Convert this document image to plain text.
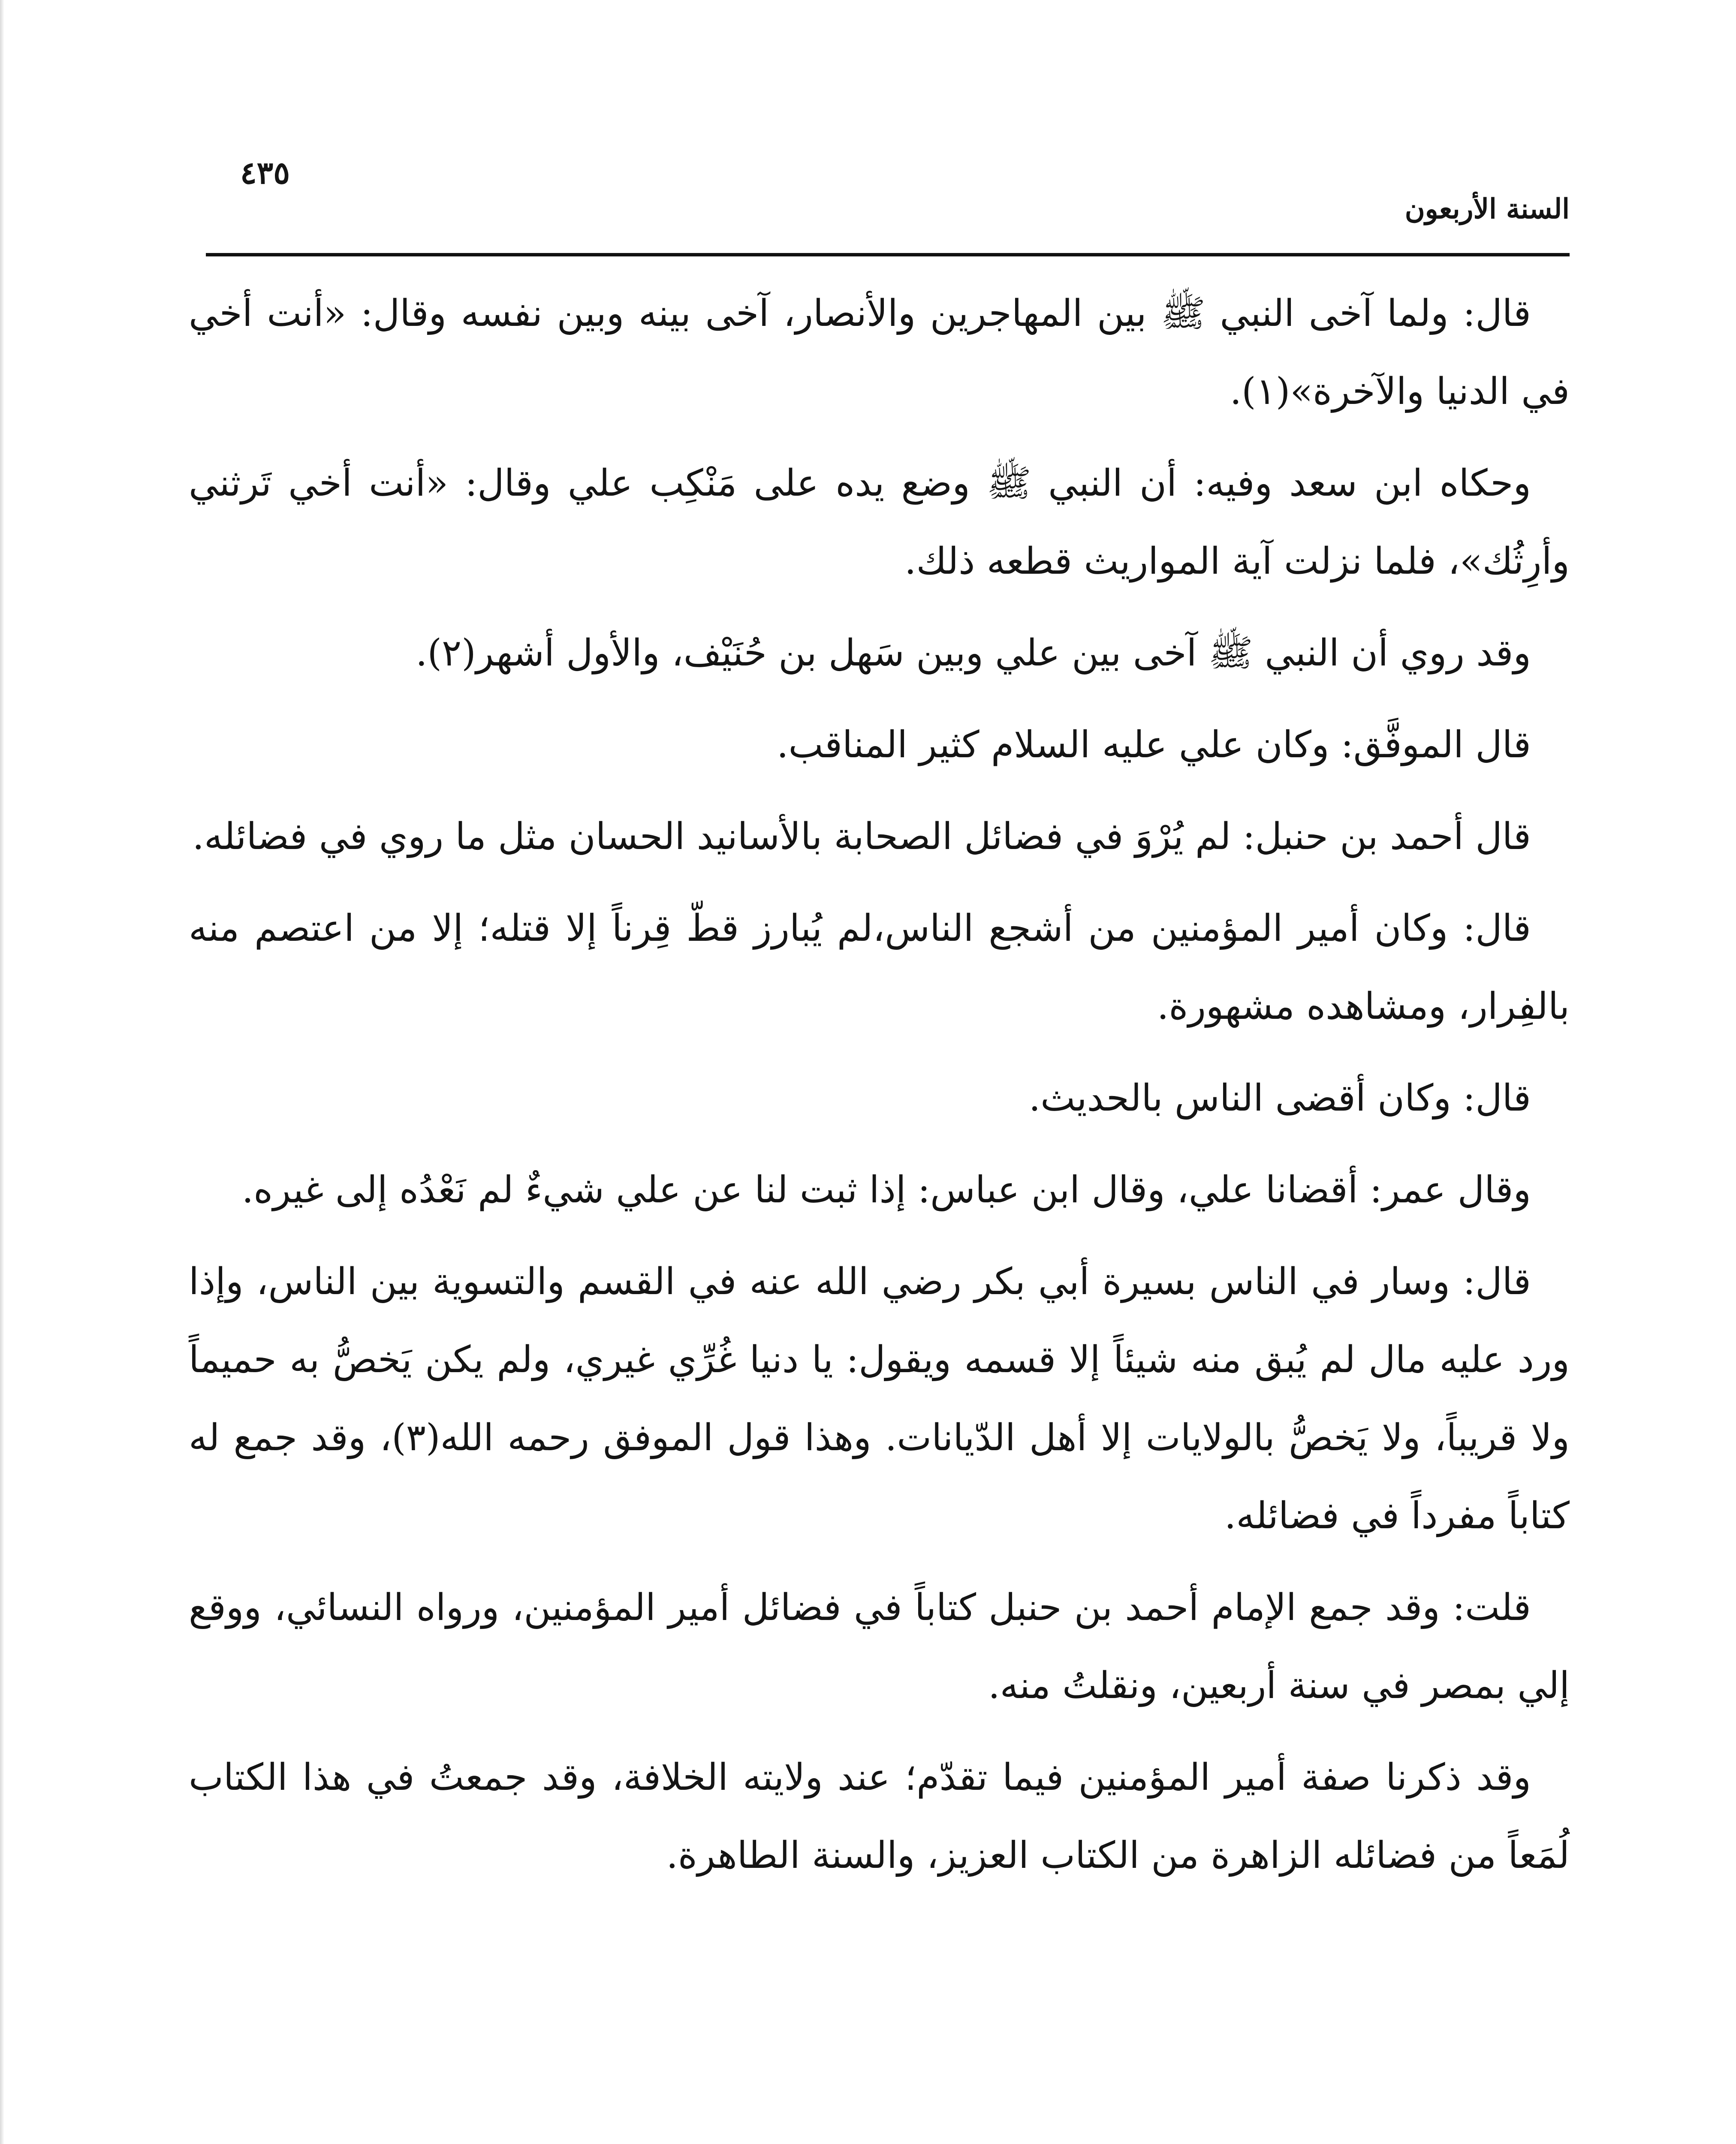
السنة الأربعون
٤٣٥

قال: ولما آخى النبي ﷺ بين المهاجرين والأنصار، آخى بينه وبين نفسه وقال: «أنت أخي في الدنيا والآخرة»(١).

وحكاه ابن سعد وفيه: أن النبي ﷺ وضع يده على مَنْكِب علي وقال: «أنت أخي تَرثني وأرِثُك»، فلما نزلت آية المواريث قطعه ذلك.

وقد روي أن النبي ﷺ آخى بين علي وبين سَهل بن حُنَيْف، والأول أشهر(٢).

قال الموفَّق: وكان علي عليه السلام كثير المناقب.

قال أحمد بن حنبل: لم يُرْوَ في فضائل الصحابة بالأسانيد الحسان مثل ما روي في فضائله.

قال: وكان أمير المؤمنين من أشجع الناس،لم يُبارز قطّ قِرناً إلا قتله؛ إلا من اعتصم منه بالفِرار، ومشاهده مشهورة.

قال: وكان أقضى الناس بالحديث.

وقال عمر: أقضانا علي، وقال ابن عباس: إذا ثبت لنا عن علي شيءٌ لم نَعْدُه إلى غيره.

قال: وسار في الناس بسيرة أبي بكر رضي الله عنه في القسم والتسوية بين الناس، وإذا ورد عليه مال لم يُبق منه شيئاً إلا قسمه ويقول: يا دنيا غُرِّي غيري، ولم يكن يَخصُّ به حميماً ولا قريباً، ولا يَخصُّ بالولايات إلا أهل الدّيانات. وهذا قول الموفق رحمه الله(٣)، وقد جمع له كتاباً مفرداً في فضائله.

قلت: وقد جمع الإمام أحمد بن حنبل كتاباً في فضائل أمير المؤمنين، ورواه النسائي، ووقع إلي بمصر في سنة أربعين، ونقلتُ منه.

وقد ذكرنا صفة أمير المؤمنين فيما تقدّم؛ عند ولايته الخلافة، وقد جمعتُ في هذا الكتاب لُمَعاً من فضائله الزاهرة من الكتاب العزيز، والسنة الطاهرة.
